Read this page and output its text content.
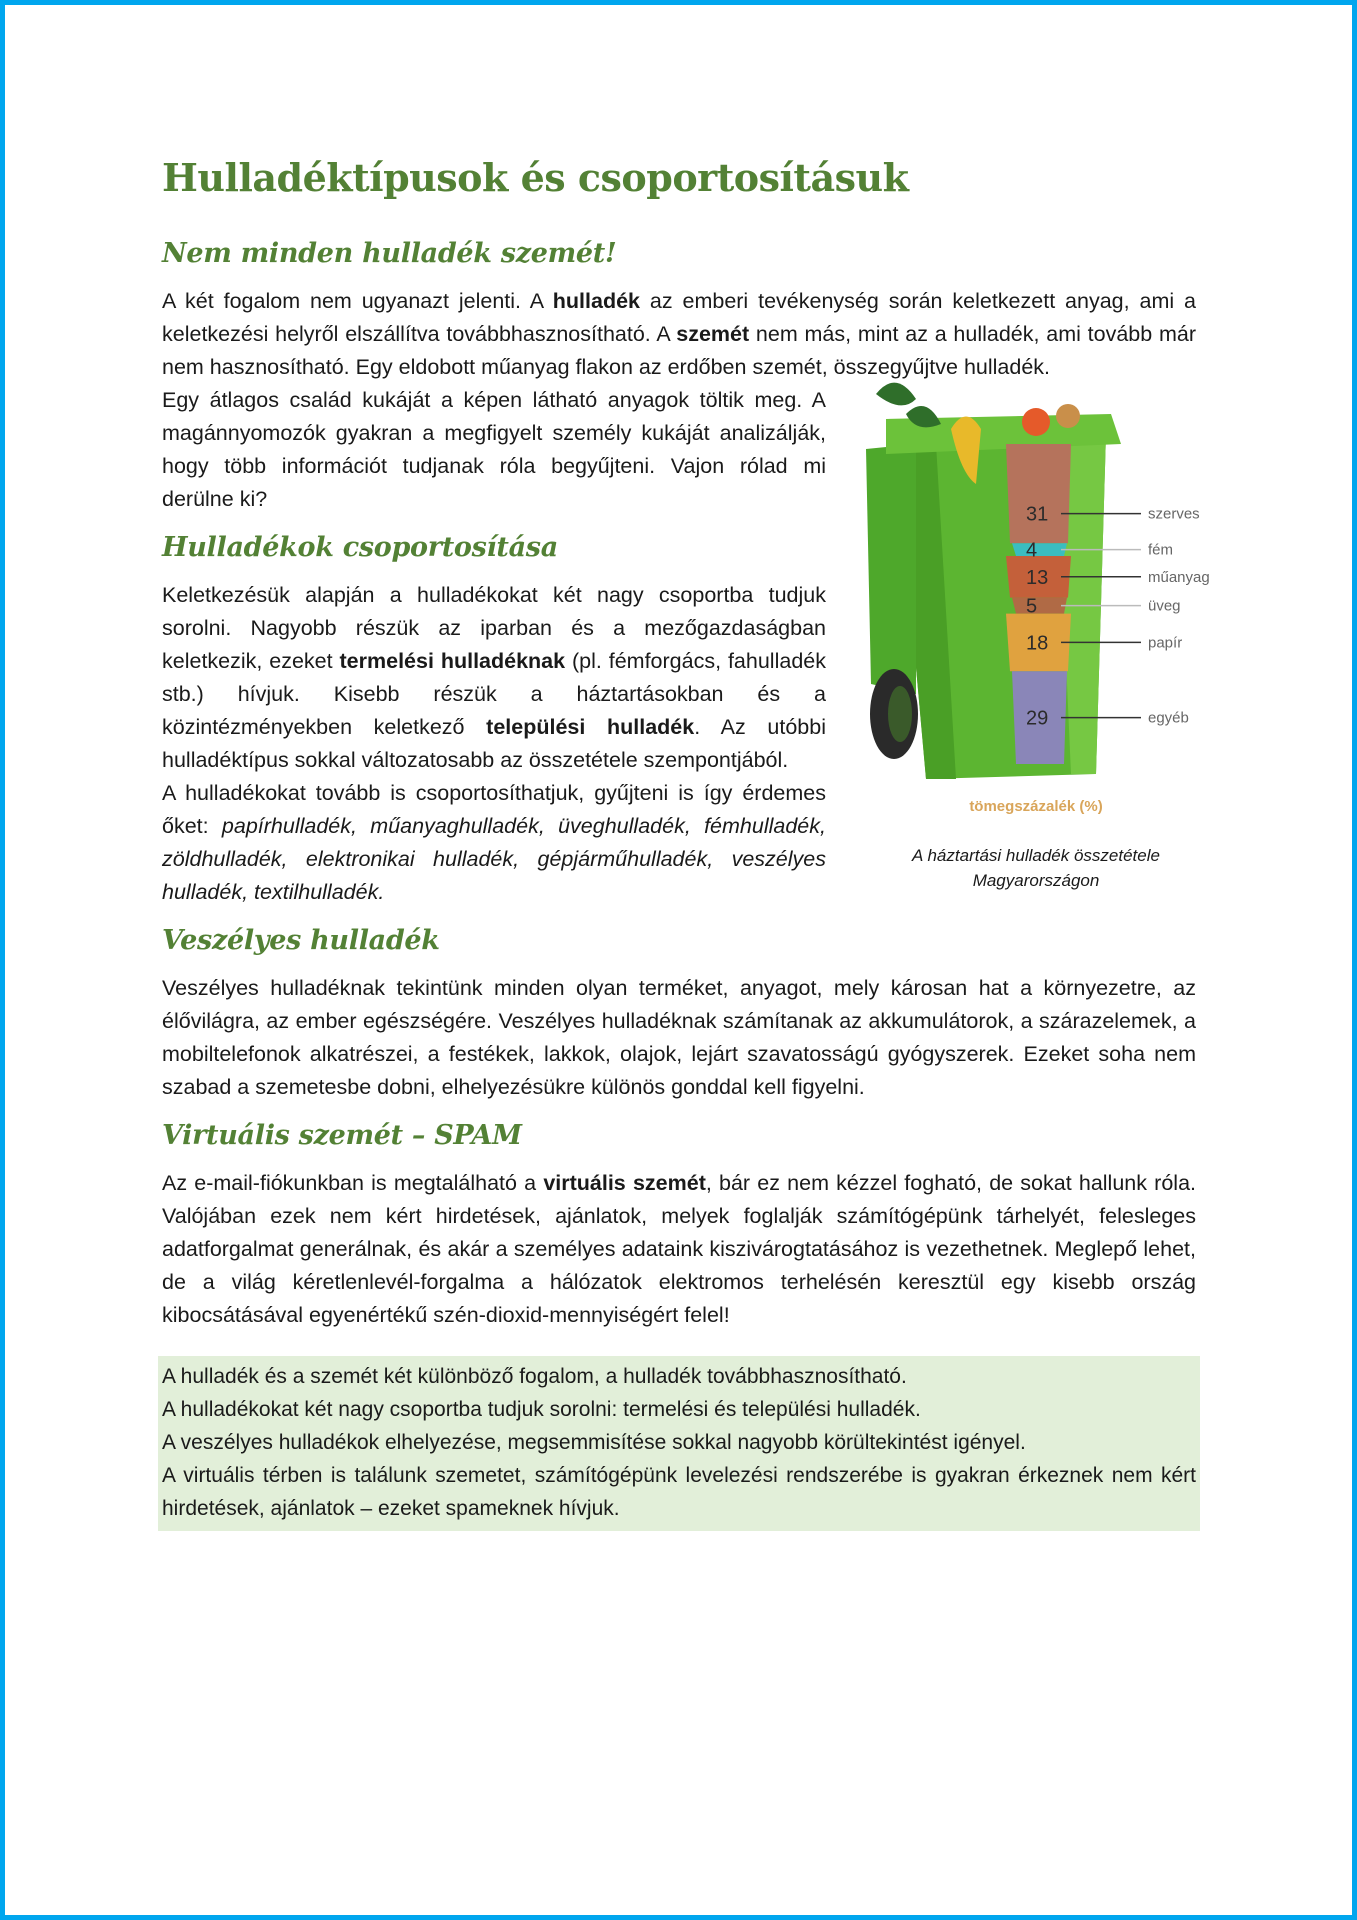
Hulladéktípusok és csoportosításuk
Nem minden hulladék szemét!

A két fogalom nem ugyanazt jelenti. A hulladék az emberi tevékenység során keletkezett anyag, ami a keletkezési helyről elszállítva továbbhasznosítható. A szemét nem más, mint az a hulladék, ami tovább már nem hasznosítható. Egy eldobott műanyag flakon az erdőben szemét, összegyűjtve hulladék.

31	szerves
4	fém
13	műanyag
5	üveg
18	papír
29	egyéb
tömegszázalék (%)
A háztartási hulladék összetétele
Magyarországon

Egy átlagos család kukáját a képen látható anyagok töltik meg. A magánnyomozók gyakran a megfigyelt személy kukáját analizálják, hogy több információt tudjanak róla begyűjteni. Vajon rólad mi derülne ki?

Hulladékok csoportosítása

Keletkezésük alapján a hulladékokat két nagy csoportba tudjuk sorolni. Nagyobb részük az iparban és a mezőgazdaságban keletkezik, ezeket termelési hulladéknak (pl. fémforgács, fahulladék stb.) hívjuk. Kisebb részük a háztartásokban és a közintézményekben keletkező települési hulladék. Az utóbbi hulladéktípus sokkal változatosabb az összetétele szempontjából.

A hulladékokat tovább is csoportosíthatjuk, gyűjteni is így érdemes őket: papírhulladék, műanyaghulladék, üveghulladék, fémhulladék, zöldhulladék, elektronikai hulladék, gépjárműhulladék, veszélyes hulladék, textilhulladék.

Veszélyes hulladék

Veszélyes hulladéknak tekintünk minden olyan terméket, anyagot, mely károsan hat a környezetre, az élővilágra, az ember egészségére. Veszélyes hulladéknak számítanak az akkumulátorok, a szárazelemek, a mobiltelefonok alkatrészei, a festékek, lakkok, olajok, lejárt szavatosságú gyógyszerek. Ezeket soha nem szabad a szemetesbe dobni, elhelyezésükre különös gonddal kell figyelni.

Virtuális szemét – SPAM

Az e-mail-fiókunkban is megtalálható a virtuális szemét, bár ez nem kézzel fogható, de sokat hallunk róla. Valójában ezek nem kért hirdetések, ajánlatok, melyek foglalják számítógépünk tárhelyét, felesleges adatforgalmat generálnak, és akár a személyes adataink kiszivárogtatásához is vezethetnek. Meglepő lehet, de a világ kéretlenlevél-forgalma a hálózatok elektromos terhelésén keresztül egy kisebb ország kibocsátásával egyenértékű szén-dioxid-mennyiségért felel!

A hulladék és a szemét két különböző fogalom, a hulladék továbbhasznosítható.

A hulladékokat két nagy csoportba tudjuk sorolni: termelési és települési hulladék.

A veszélyes hulladékok elhelyezése, megsemmisítése sokkal nagyobb körültekintést igényel.

A virtuális térben is találunk szemetet, számítógépünk levelezési rendszerébe is gyakran érkeznek nem kért hirdetések, ajánlatok – ezeket spameknek hívjuk.
